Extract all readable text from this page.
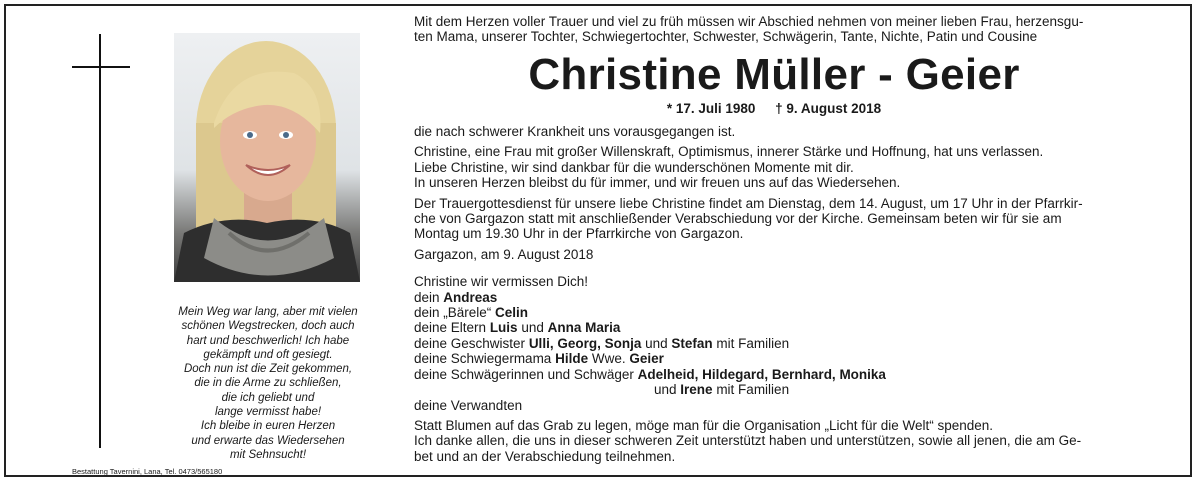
Mein Weg war lang, aber mit vielen
schönen Wegstrecken, doch auch
hart und beschwerlich! Ich habe
gekämpft und oft gesiegt.
Doch nun ist die Zeit gekommen,
die in die Arme zu schließen,
die ich geliebt und
lange vermisst habe!
Ich bleibe in euren Herzen
und erwarte das Wiedersehen
mit Sehnsucht!
Bestattung Tavernini, Lana, Tel. 0473/565180
Mit dem Herzen voller Trauer und viel zu früh müssen wir Abschied nehmen von meiner lieben Frau, herzensgu-
ten Mama, unserer Tochter, Schwiegertochter, Schwester, Schwägerin, Tante, Nichte, Patin und Cousine
Christine Müller - Geier
* 17. Juli 1980 † 9. August 2018
die nach schwerer Krankheit uns vorausgegangen ist.
Christine, eine Frau mit großer Willenskraft, Optimismus, innerer Stärke und Hoffnung, hat uns verlassen.
Liebe Christine, wir sind dankbar für die wunderschönen Momente mit dir.
In unseren Herzen bleibst du für immer, und wir freuen uns auf das Wiedersehen.
Der Trauergottesdienst für unsere liebe Christine findet am Dienstag, dem 14. August, um 17 Uhr in der Pfarrkir-
che von Gargazon statt mit anschließender Verabschiedung vor der Kirche. Gemeinsam beten wir für sie am
Montag um 19.30 Uhr in der Pfarrkirche von Gargazon.
Gargazon, am 9. August 2018
Christine wir vermissen Dich!
dein Andreas
dein „Bärele“ Celin
deine Eltern Luis und Anna Maria
deine Geschwister Ulli, Georg, Sonja und Stefan mit Familien
deine Schwiegermama Hilde Wwe. Geier
deine Schwägerinnen und Schwäger Adelheid, Hildegard, Bernhard, Monika
und Irene mit Familien
deine Verwandten
Statt Blumen auf das Grab zu legen, möge man für die Organisation „Licht für die Welt“ spenden.
Ich danke allen, die uns in dieser schweren Zeit unterstützt haben und unterstützen, sowie all jenen, die am Ge-
bet und an der Verabschiedung teilnehmen.
